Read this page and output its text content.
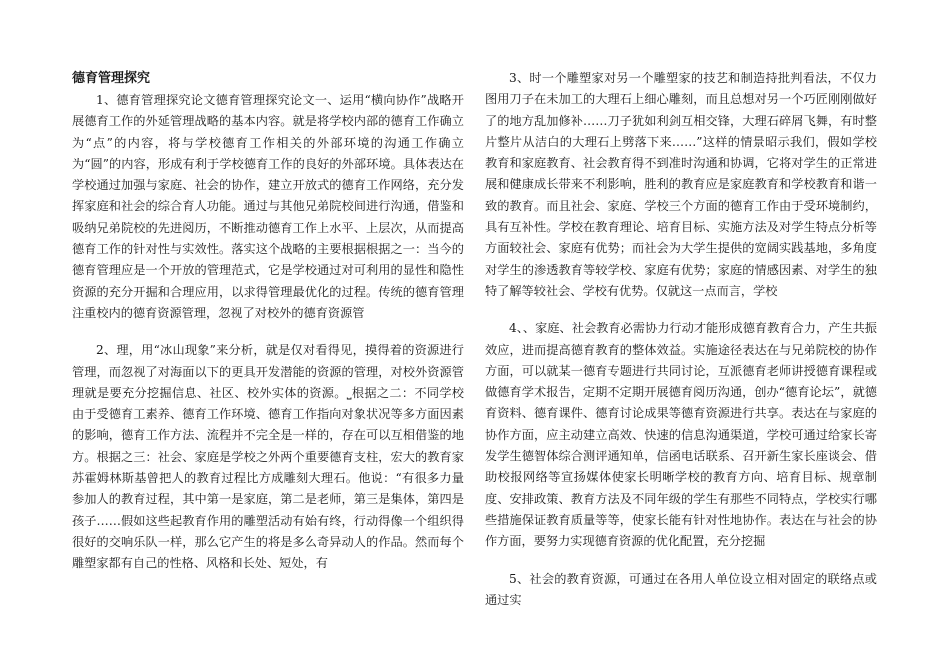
德育管理探究

1、德育管理探究论文德育管理探究论文一、运用“横向协作”战略开展德育工作的外延管理战略的基本内容。就是将学校内部的德育工作确立为“点”的内容，将与学校德育工作相关的外部环境的沟通工作确立为“圆”的内容，形成有利于学校德育工作的良好的外部环境。具体表达在学校通过加强与家庭、社会的协作，建立开放式的德育工作网络，充分发挥家庭和社会的综合育人功能。通过与其他兄弟院校间进行沟通，借鉴和吸纳兄弟院校的先进阅历，不断推动德育工作上水平、上层次，从而提高德育工作的针对性与实效性。落实这个战略的主要根据根据之一：当今的德育管理应是一个开放的管理范式，它是学校通过对可利用的显性和隐性资源的充分开掘和合理应用，以求得管理最优化的过程。传统的德育管理注重校内的德育资源管理，忽视了对校外的德育资源管

2、理，用“冰山现象”来分析，就是仅对看得见，摸得着的资源进行管理，而忽视了对海面以下的更具开发潜能的资源的管理，对校外资源管理就是要充分挖掘信息、社区、校外实体的资源。⎵根据之二：不同学校由于受德育工素养、德育工作环境、德育工作指向对象状况等多方面因素的影响，德育工作方法、流程并不完全是一样的，存在可以互相借鉴的地方。根据之三：社会、家庭是学校之外两个重要德育支柱，宏大的教育家苏霍姆林斯基曾把人的教育过程比方成雕刻大理石。他说：“有很多力量参加人的教育过程，其中第一是家庭，第二是老师，第三是集体，第四是孩子……假如这些起教育作用的雕塑活动有始有终，行动得像一个组织得很好的交响乐队一样，那么它产生的将是多么奇异动人的作品。然而每个雕塑家都有自己的性格、风格和长处、短处，有

3、时一个雕塑家对另一个雕塑家的技艺和制造持批判看法，不仅力图用刀子在未加工的大理石上细心雕刻，而且总想对另一个巧匠刚刚做好了的地方乱加修补……刀子犹如利剑互相交锋，大理石碎屑飞舞，有时整片整片从洁白的大理石上劈落下来……”这样的情景昭示我们，假如学校教育和家庭教育、社会教育得不到准时沟通和协调，它将对学生的正常进展和健康成长带来不利影响，胜利的教育应是家庭教育和学校教育和谐一致的教育。而且社会、家庭、学校三个方面的德育工作由于受环境制约，具有互补性。学校在教育理论、培育目标、实施方法及对学生特点分析等方面较社会、家庭有优势；而社会为大学生提供的宽阔实践基地，多角度对学生的渗透教育等较学校、家庭有优势；家庭的情感因素、对学生的独特了解等较社会、学校有优势。仅就这一点而言，学校

4、、家庭、社会教育必需协力行动才能形成德育教育合力，产生共振效应，进而提高德育教育的整体效益。实施途径表达在与兄弟院校的协作方面，可以就某一德育专题进行共同讨论，互派德育老师讲授德育课程或做德育学术报告，定期不定期开展德育阅历沟通，创办“德育论坛”，就德育资料、德育课件、德育讨论成果等德育资源进行共享。表达在与家庭的协作方面，应主动建立高效、快速的信息沟通渠道，学校可通过给家长寄发学生德智体综合测评通知单，信函电话联系、召开新生家长座谈会、借助校报网络等宣扬媒体使家长明晰学校的教育方向、培育目标、规章制度、安排政策、教育方法及不同年级的学生有那些不同特点，学校实行哪些措施保证教育质量等等，使家长能有针对性地协作。表达在与社会的协作方面，要努力实现德育资源的优化配置，充分挖掘

5、社会的教育资源，可通过在各用人单位设立相对固定的联络点或通过实
